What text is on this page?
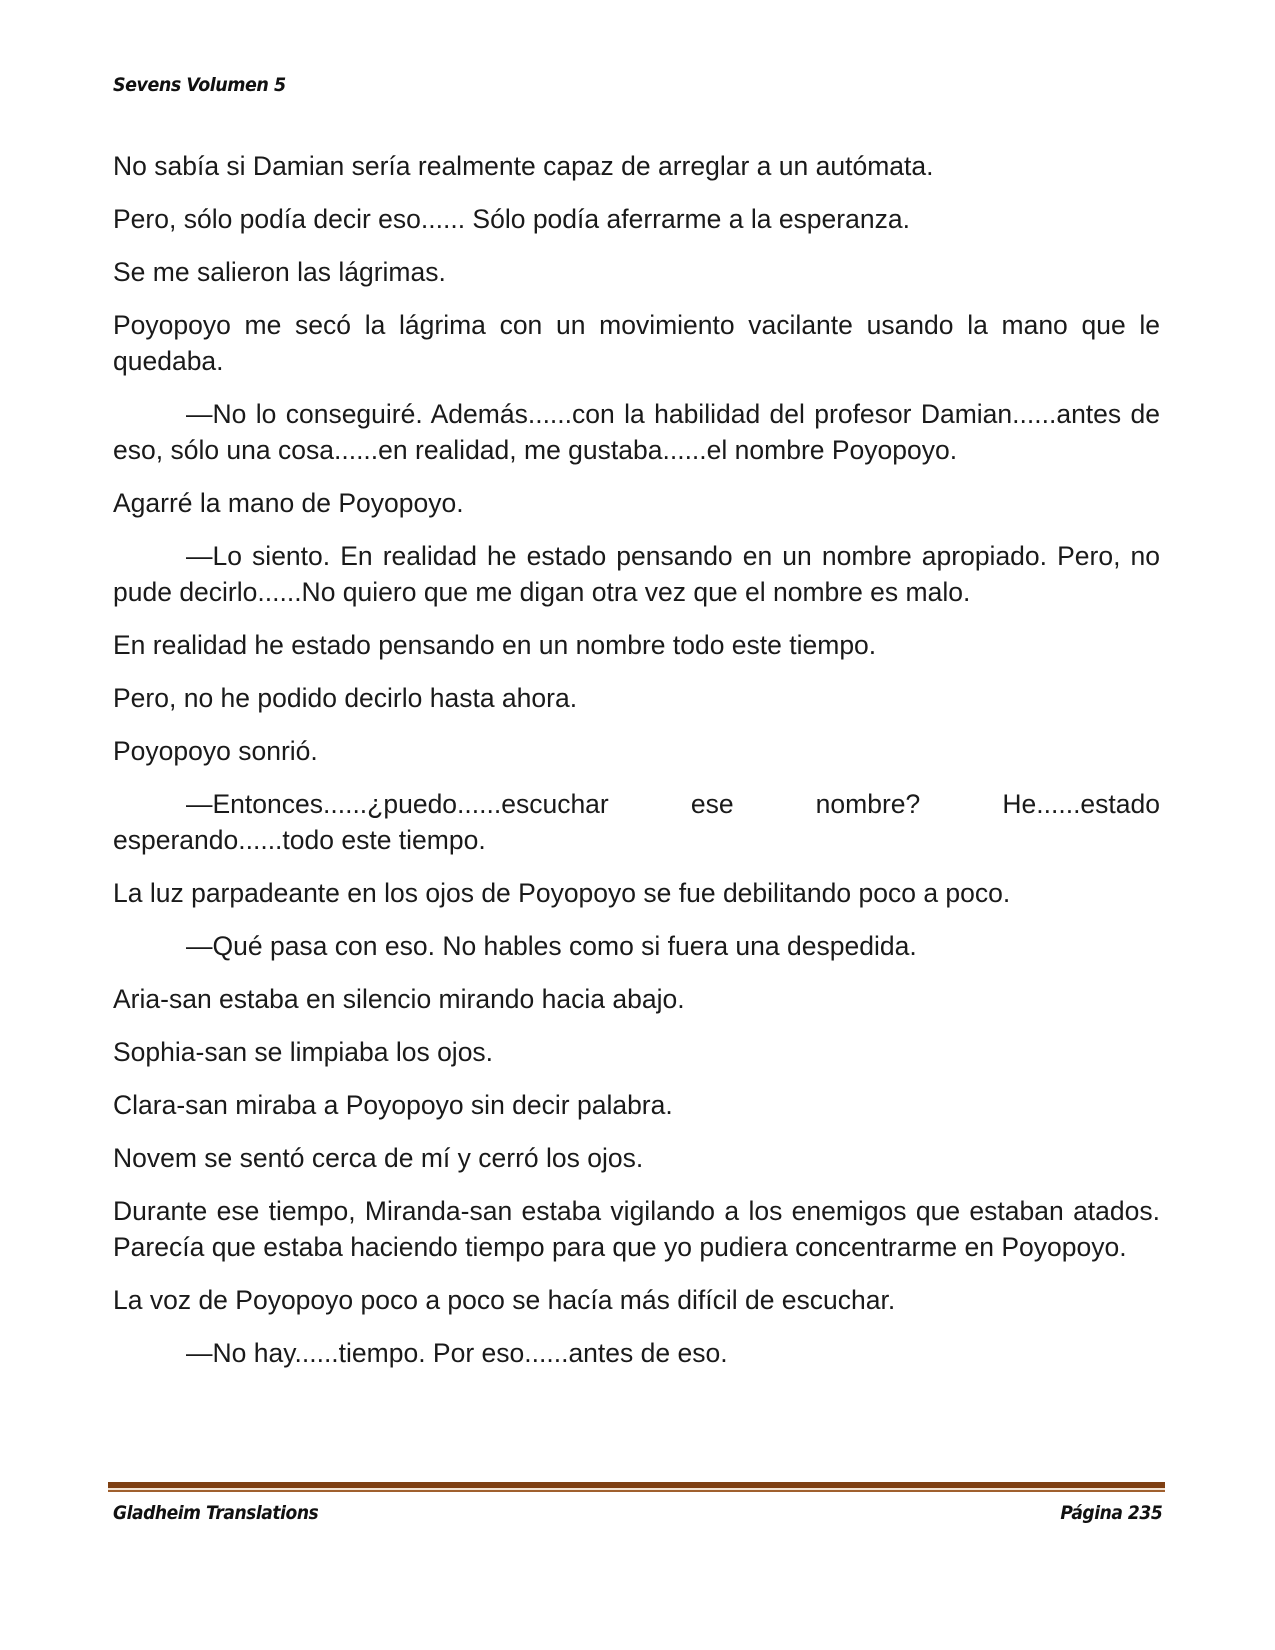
Sevens Volumen 5

No sabía si Damian sería realmente capaz de arreglar a un autómata.

Pero, sólo podía decir eso...... Sólo podía aferrarme a la esperanza.

Se me salieron las lágrimas.

Poyopoyo me secó la lágrima con un movimiento vacilante usando la mano que le quedaba.

—No lo conseguiré. Además......con la habilidad del profesor Damian......antes de eso, sólo una cosa......en realidad, me gustaba......el nombre Poyopoyo.

Agarré la mano de Poyopoyo.

—Lo siento. En realidad he estado pensando en un nombre apropiado. Pero, no pude decirlo......No quiero que me digan otra vez que el nombre es malo.

En realidad he estado pensando en un nombre todo este tiempo.

Pero, no he podido decirlo hasta ahora.

Poyopoyo sonrió.

—Entonces......¿puedo......escuchar ese nombre? He......estado esperando......todo este tiempo.

La luz parpadeante en los ojos de Poyopoyo se fue debilitando poco a poco.

—Qué pasa con eso. No hables como si fuera una despedida.

Aria-san estaba en silencio mirando hacia abajo.

Sophia-san se limpiaba los ojos.

Clara-san miraba a Poyopoyo sin decir palabra.

Novem se sentó cerca de mí y cerró los ojos.

Durante ese tiempo, Miranda-san estaba vigilando a los enemigos que estaban atados. Parecía que estaba haciendo tiempo para que yo pudiera concentrarme en Poyopoyo.

La voz de Poyopoyo poco a poco se hacía más difícil de escuchar.

—No hay......tiempo. Por eso......antes de eso.

Gladheim Translations	Página 235
